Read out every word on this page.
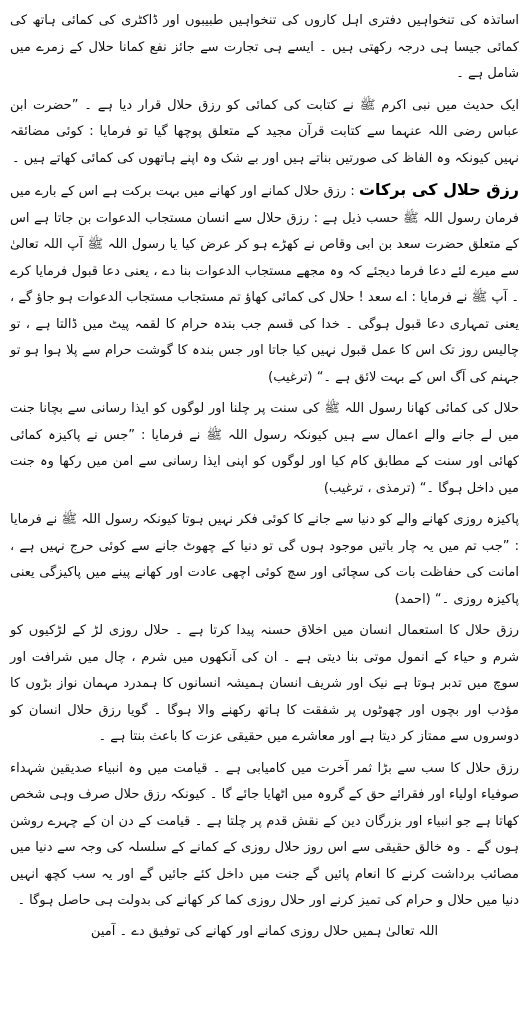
اساتذہ کی تنخواہیں دفتری اہل کاروں کی تنخواہیں طبیبوں اور ڈاکٹری کی کمائی ہاتھ کی کمائی جیسا ہی درجہ رکھتی ہیں ۔ ایسے ہی تجارت سے جائز نفع کمانا حلال کے زمرے میں شامل ہے ۔

ایک حدیث میں نبی اکرم ﷺ نے کتابت کی کمائی کو رزق حلال قرار دیا ہے ۔ ”حضرت ابن عباس رضی اللہ عنہما سے کتابت قرآن مجید کے متعلق پوچھا گیا تو فرمایا : کوئی مضائقہ نہیں کیونکہ وہ الفاظ کی صورتیں بناتے ہیں اور بے شک وہ اپنے ہاتھوں کی کمائی کھاتے ہیں ۔

رزق حلال کی برکات : رزق حلال کمانے اور کھانے میں بہت برکت ہے اس کے بارے میں فرمان رسول اللہ ﷺ حسب ذیل ہے : رزق حلال سے انسان مستجاب الدعوات بن جاتا ہے اس کے متعلق حضرت سعد بن ابی وقاص نے کھڑے ہو کر عرض کیا یا رسول اللہ ﷺ آپ اللہ تعالیٰ سے میرے لئے دعا فرما دیجئے کہ وہ مجھے مستجاب الدعوات بنا دے ، یعنی دعا قبول فرمایا کرے ۔ آپ ﷺ نے فرمایا : اے سعد ! حلال کی کمائی کھاؤ تم مستجاب مستجاب الدعوات ہو جاؤ گے ، یعنی تمہاری دعا قبول ہوگی ۔ خدا کی قسم جب بندہ حرام کا لقمہ پیٹ میں ڈالتا ہے ، تو چالیس روز تک اس کا عمل قبول نہیں کیا جاتا اور جس بندہ کا گوشت حرام سے پلا ہوا ہو تو جہنم کی آگ اس کے بہت لائق ہے ۔“ (ترغیب)

حلال کی کمائی کھانا رسول اللہ ﷺ کی سنت پر چلنا اور لوگوں کو ایذا رسانی سے بچانا جنت میں لے جانے والے اعمال سے ہیں کیونکہ رسول اللہ ﷺ نے فرمایا : ”جس نے پاکیزہ کمائی کھائی اور سنت کے مطابق کام کیا اور لوگوں کو اپنی ایذا رسانی سے امن میں رکھا وہ جنت میں داخل ہوگا ۔“ (ترمذی ، ترغیب)

پاکیزہ روزی کھانے والے کو دنیا سے جانے کا کوئی فکر نہیں ہوتا کیونکہ رسول اللہ ﷺ نے فرمایا : ”جب تم میں یہ چار باتیں موجود ہوں گی تو دنیا کے چھوٹ جانے سے کوئی حرج نہیں ہے ، امانت کی حفاظت بات کی سچائی اور سچ کوئی اچھی عادت اور کھانے پینے میں پاکیزگی یعنی پاکیزہ روزی ۔“ (احمد)

رزق حلال کا استعمال انسان میں اخلاق حسنہ پیدا کرتا ہے ۔ حلال روزی لڑ کے لڑکیوں کو شرم و حیاء کے انمول موتی بنا دیتی ہے ۔ ان کی آنکھوں میں شرم ، چال میں شرافت اور سوچ میں تدبر ہوتا ہے نیک اور شریف انسان ہمیشہ انسانوں کا ہمدرد مہمان نواز بڑوں کا مؤدب اور بچوں اور چھوٹوں پر شفقت کا ہاتھ رکھنے والا ہوگا ۔ گویا رزق حلال انسان کو دوسروں سے ممتاز کر دیتا ہے اور معاشرے میں حقیقی عزت کا باعث بنتا ہے ۔

رزق حلال کا سب سے بڑا ثمر آخرت میں کامیابی ہے ۔ قیامت میں وہ انبیاء صدیقین شہداء صوفیاء اولیاء اور فقرائے حق کے گروہ میں اٹھایا جائے گا ۔ کیونکہ رزق حلال صرف وہی شخص کھاتا ہے جو انبیاء اور بزرگان دین کے نقش قدم پر چلتا ہے ۔ قیامت کے دن ان کے چہرے روشن ہوں گے ۔ وہ خالق حقیقی سے اس روز حلال روزی کے کمانے کے سلسلہ کی وجہ سے دنیا میں مصائب برداشت کرنے کا انعام پائیں گے جنت میں داخل کئے جائیں گے اور یہ سب کچھ انہیں دنیا میں حلال و حرام کی تمیز کرنے اور حلال روزی کما کر کھانے کی بدولت ہی حاصل ہوگا ۔

اللہ تعالیٰ ہمیں حلال روزی کمانے اور کھانے کی توفیق دے ۔ آمین
